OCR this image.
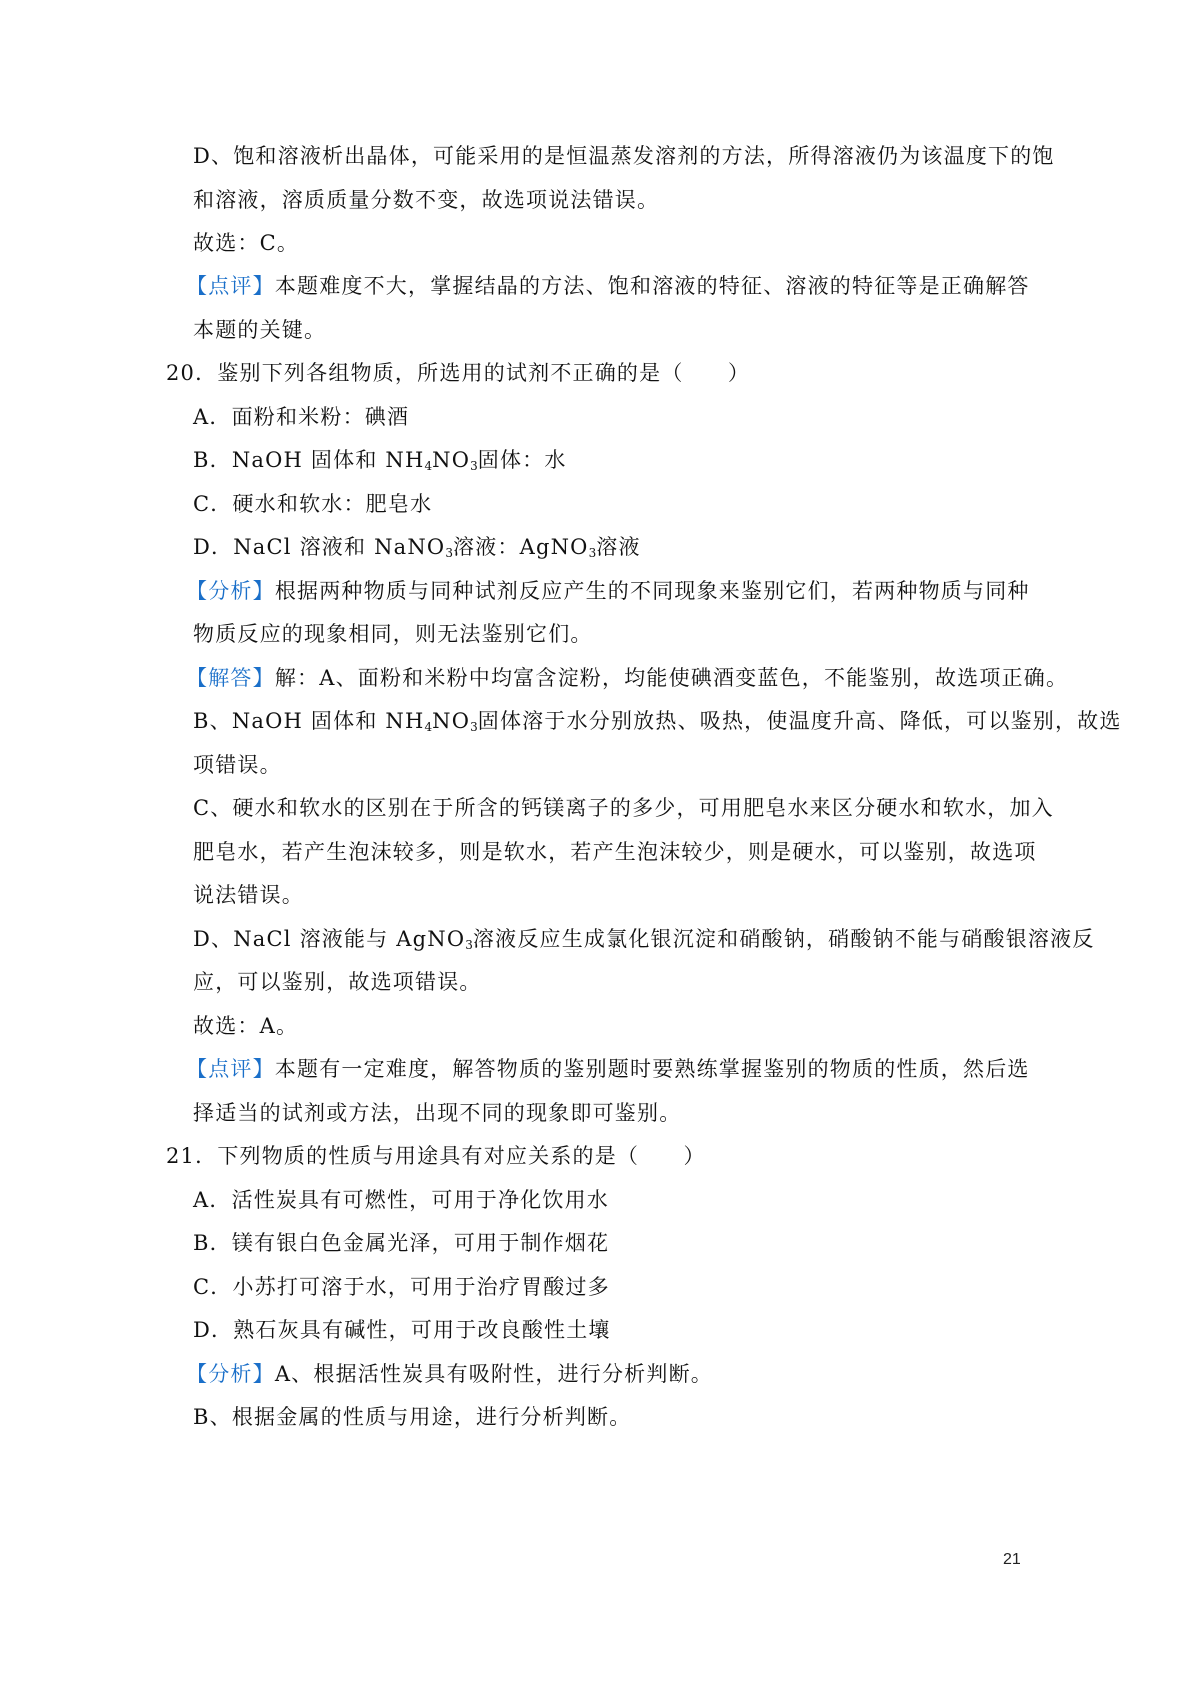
D、饱和溶液析出晶体，可能采用的是恒温蒸发溶剂的方法，所得溶液仍为该温度下的饱
和溶液，溶质质量分数不变，故选项说法错误。
故选：C。
【点评】本题难度不大，掌握结晶的方法、饱和溶液的特征、溶液的特征等是正确解答
本题的关键。
20．鉴别下列各组物质，所选用的试剂不正确的是（　　）
A．面粉和米粉：碘酒
B．NaOH 固体和 $NH_4NO_3$固体：水
C．硬水和软水：肥皂水
D．NaCl 溶液和 NaNO$_3$溶液：AgNO$_3$溶液
【分析】根据两种物质与同种试剂反应产生的不同现象来鉴别它们，若两种物质与同种
物质反应的现象相同，则无法鉴别它们。
【解答】解：A、面粉和米粉中均富含淀粉，均能使碘酒变蓝色，不能鉴别，故选项正确。
B、NaOH 固体和 $NH_4NO_3$固体溶于水分别放热、吸热，使温度升高、降低，可以鉴别，故选
项错误。
C、硬水和软水的区别在于所含的钙镁离子的多少，可用肥皂水来区分硬水和软水，加入
肥皂水，若产生泡沫较多，则是软水，若产生泡沫较少，则是硬水，可以鉴别，故选项
说法错误。
D、NaCl 溶液能与 AgNO$_3$溶液反应生成氯化银沉淀和硝酸钠，硝酸钠不能与硝酸银溶液反
应，可以鉴别，故选项错误。
故选：A。
【点评】本题有一定难度，解答物质的鉴别题时要熟练掌握鉴别的物质的性质，然后选
择适当的试剂或方法，出现不同的现象即可鉴别。
21．下列物质的性质与用途具有对应关系的是（　　）
A．活性炭具有可燃性，可用于净化饮用水
B．镁有银白色金属光泽，可用于制作烟花
C．小苏打可溶于水，可用于治疗胃酸过多
D．熟石灰具有碱性，可用于改良酸性土壤
【分析】A、根据活性炭具有吸附性，进行分析判断。
B、根据金属的性质与用途，进行分析判断。
21
